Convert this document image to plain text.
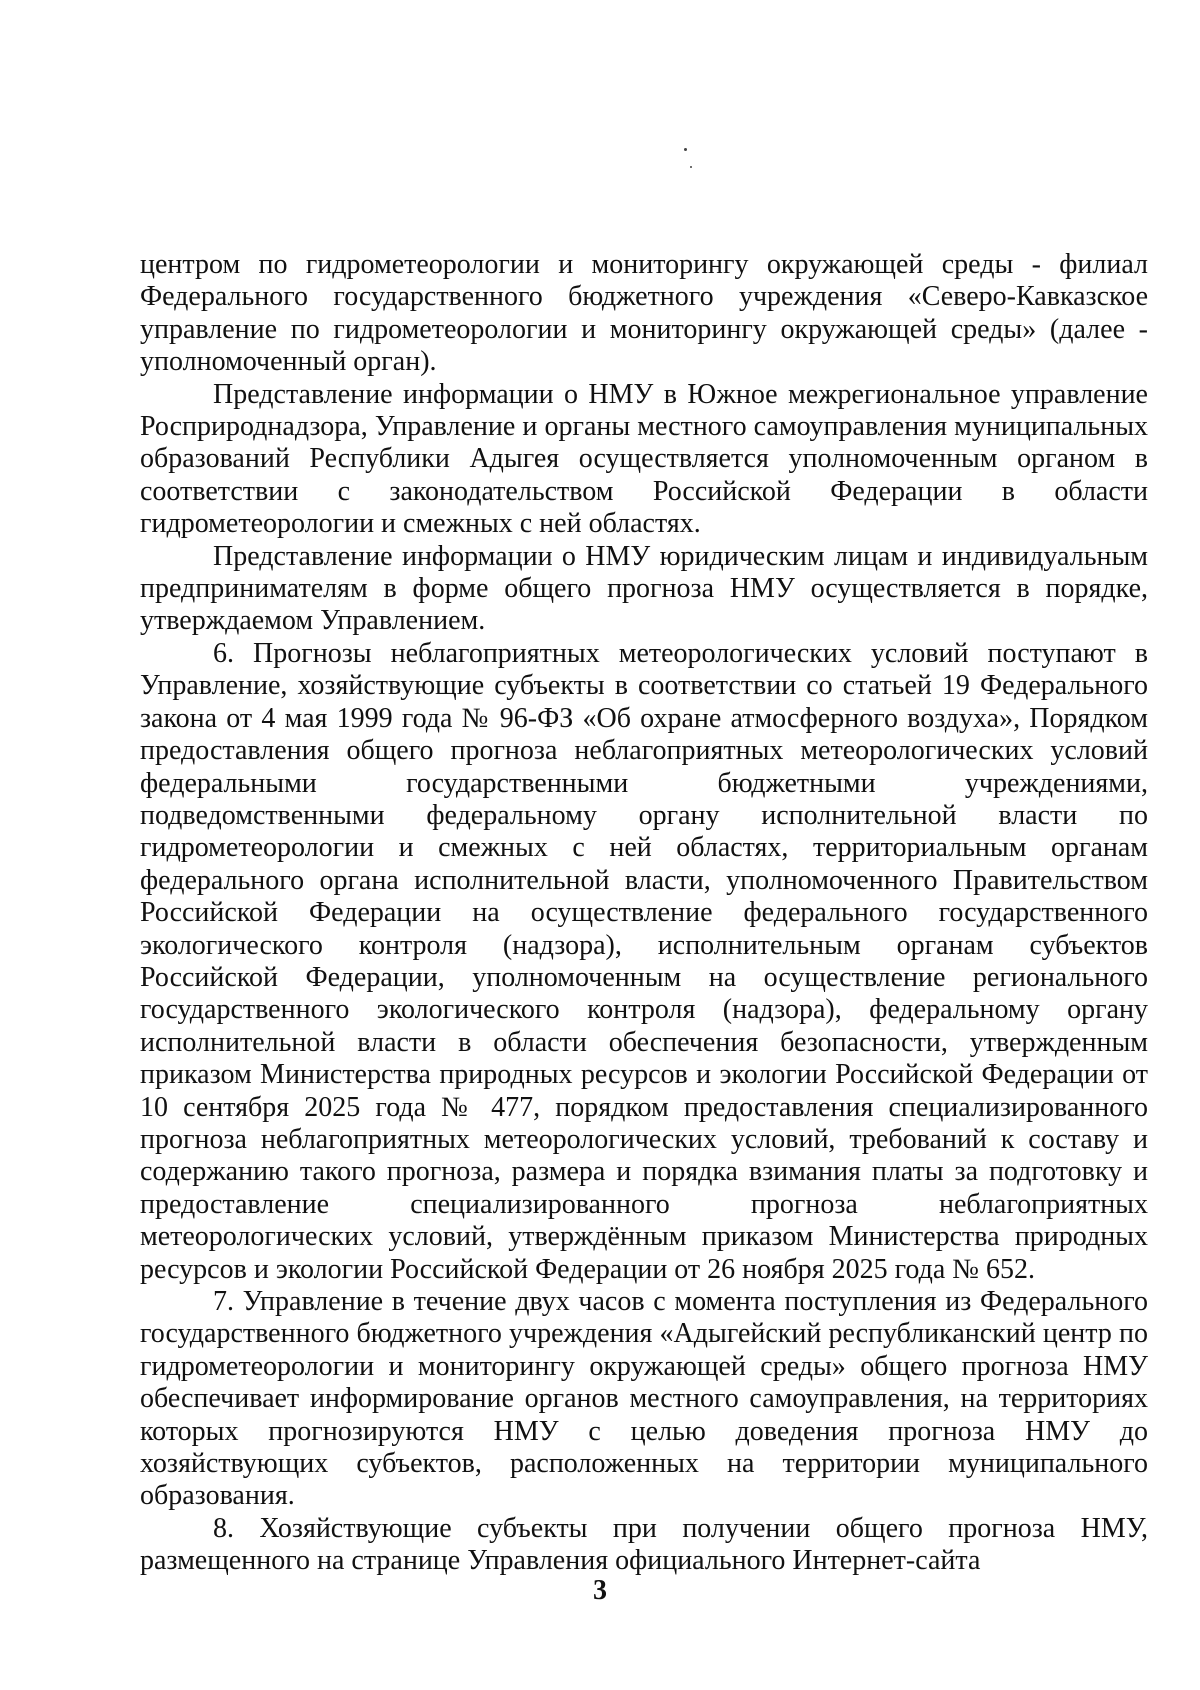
центром по гидрометеорологии и мониторингу окружающей среды - филиал Федерального государственного бюджетного учреждения «Северо-Кавказское управление по гидрометеорологии и мониторингу окружающей среды» (далее - уполномоченный орган).

Представление информации о НМУ в Южное межрегиональное управление Росприроднадзора, Управление и органы местного самоуправления муниципальных образований Республики Адыгея осуществляется уполномоченным органом в соответствии с законодательством Российской Федерации в области гидрометеорологии и смежных с ней областях.

Представление информации о НМУ юридическим лицам и индивидуальным предпринимателям в форме общего прогноза НМУ осуществляется в порядке, утверждаемом Управлением.

6. Прогнозы неблагоприятных метеорологических условий поступают в Управление, хозяйствующие субъекты в соответствии со статьей 19 Федерального закона от 4 мая 1999 года № 96-ФЗ «Об охране атмосферного воздуха», Порядком предоставления общего прогноза неблагоприятных метеорологических условий федеральными государственными бюджетными учреждениями, подведомственными федеральному органу исполнительной власти по гидрометеорологии и смежных с ней областях, территориальным органам федерального органа исполнительной власти, уполномоченного Правительством Российской Федерации на осуществление федерального государственного экологического контроля (надзора), исполнительным органам субъектов Российской Федерации, уполномоченным на осуществление регионального государственного экологического контроля (надзора), федеральному органу исполнительной власти в области обеспечения безопасности, утвержденным приказом Министерства природных ресурсов и экологии Российской Федерации от 10 сентября 2025 года № 477, порядком предоставления специализированного прогноза неблагоприятных метеорологических условий, требований к составу и содержанию такого прогноза, размера и порядка взимания платы за подготовку и предоставление специализированного прогноза неблагоприятных метеорологических условий, утверждённым приказом Министерства природных ресурсов и экологии Российской Федерации от 26 ноября 2025 года № 652.

7. Управление в течение двух часов с момента поступления из Федерального государственного бюджетного учреждения «Адыгейский республиканский центр по гидрометеорологии и мониторингу окружающей среды» общего прогноза НМУ обеспечивает информирование органов местного самоуправления, на территориях которых прогнозируются НМУ с целью доведения прогноза НМУ до хозяйствующих субъектов, расположенных на территории муниципального образования.

8. Хозяйствующие субъекты при получении общего прогноза НМУ, размещенного на странице Управления официального Интернет-сайта

3
